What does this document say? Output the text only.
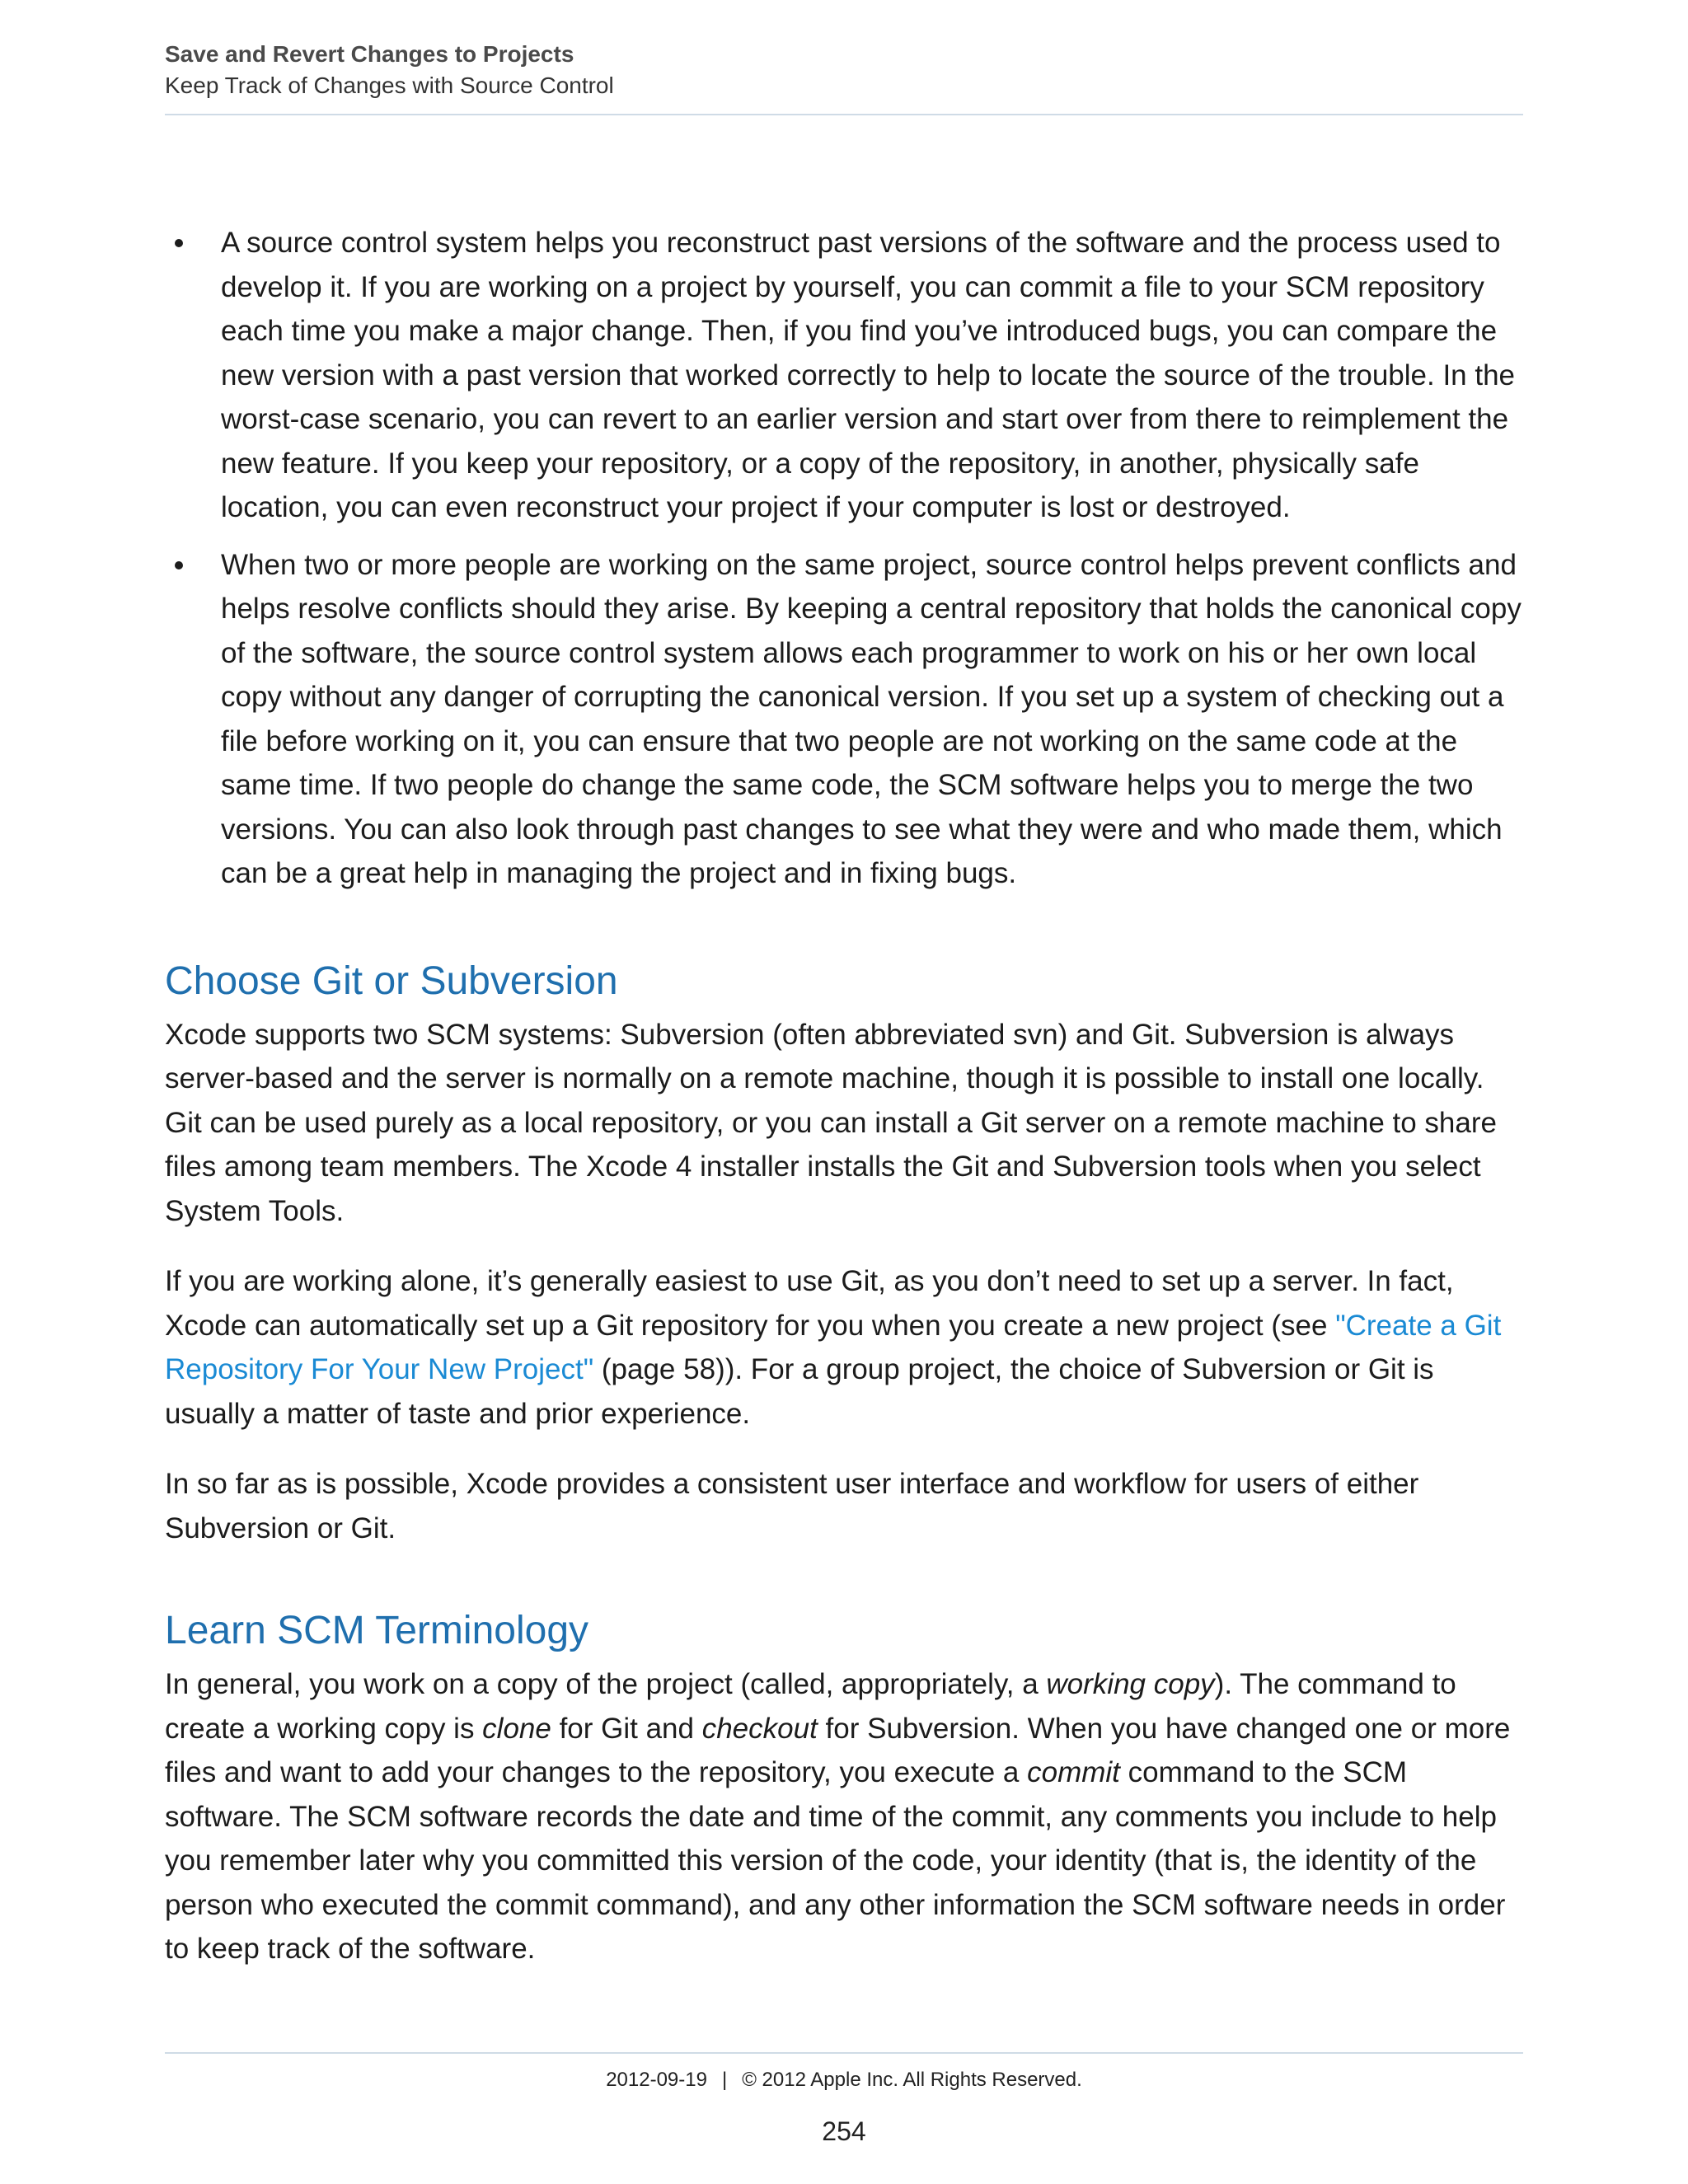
Save and Revert Changes to Projects
Keep Track of Changes with Source Control
A source control system helps you reconstruct past versions of the software and the process used to develop it. If you are working on a project by yourself, you can commit a file to your SCM repository each time you make a major change. Then, if you find you’ve introduced bugs, you can compare the new version with a past version that worked correctly to help to locate the source of the trouble. In the worst-case scenario, you can revert to an earlier version and start over from there to reimplement the new feature. If you keep your repository, or a copy of the repository, in another, physically safe location, you can even reconstruct your project if your computer is lost or destroyed.
When two or more people are working on the same project, source control helps prevent conflicts and helps resolve conflicts should they arise. By keeping a central repository that holds the canonical copy of the software, the source control system allows each programmer to work on his or her own local copy without any danger of corrupting the canonical version. If you set up a system of checking out a file before working on it, you can ensure that two people are not working on the same code at the same time. If two people do change the same code, the SCM software helps you to merge the two versions. You can also look through past changes to see what they were and who made them, which can be a great help in managing the project and in fixing bugs.
Choose Git or Subversion

Xcode supports two SCM systems: Subversion (often abbreviated svn) and Git. Subversion is always server-based and the server is normally on a remote machine, though it is possible to install one locally. Git can be used purely as a local repository, or you can install a Git server on a remote machine to share files among team members. The Xcode 4 installer installs the Git and Subversion tools when you select System Tools.

If you are working alone, it’s generally easiest to use Git, as you don’t need to set up a server. In fact, Xcode can automatically set up a Git repository for you when you create a new project (see "Create a Git Repository For Your New Project" (page 58)). For a group project, the choice of Subversion or Git is usually a matter of taste and prior experience.

In so far as is possible, Xcode provides a consistent user interface and workflow for users of either Subversion or Git.

Learn SCM Terminology

In general, you work on a copy of the project (called, appropriately, a working copy). The command to create a working copy is clone for Git and checkout for Subversion. When you have changed one or more files and want to add your changes to the repository, you execute a commit command to the SCM software. The SCM software records the date and time of the commit, any comments you include to help you remember later why you committed this version of the code, your identity (that is, the identity of the person who executed the commit command), and any other information the SCM software needs in order to keep track of the software.

2012-09-19 | © 2012 Apple Inc. All Rights Reserved.
254
